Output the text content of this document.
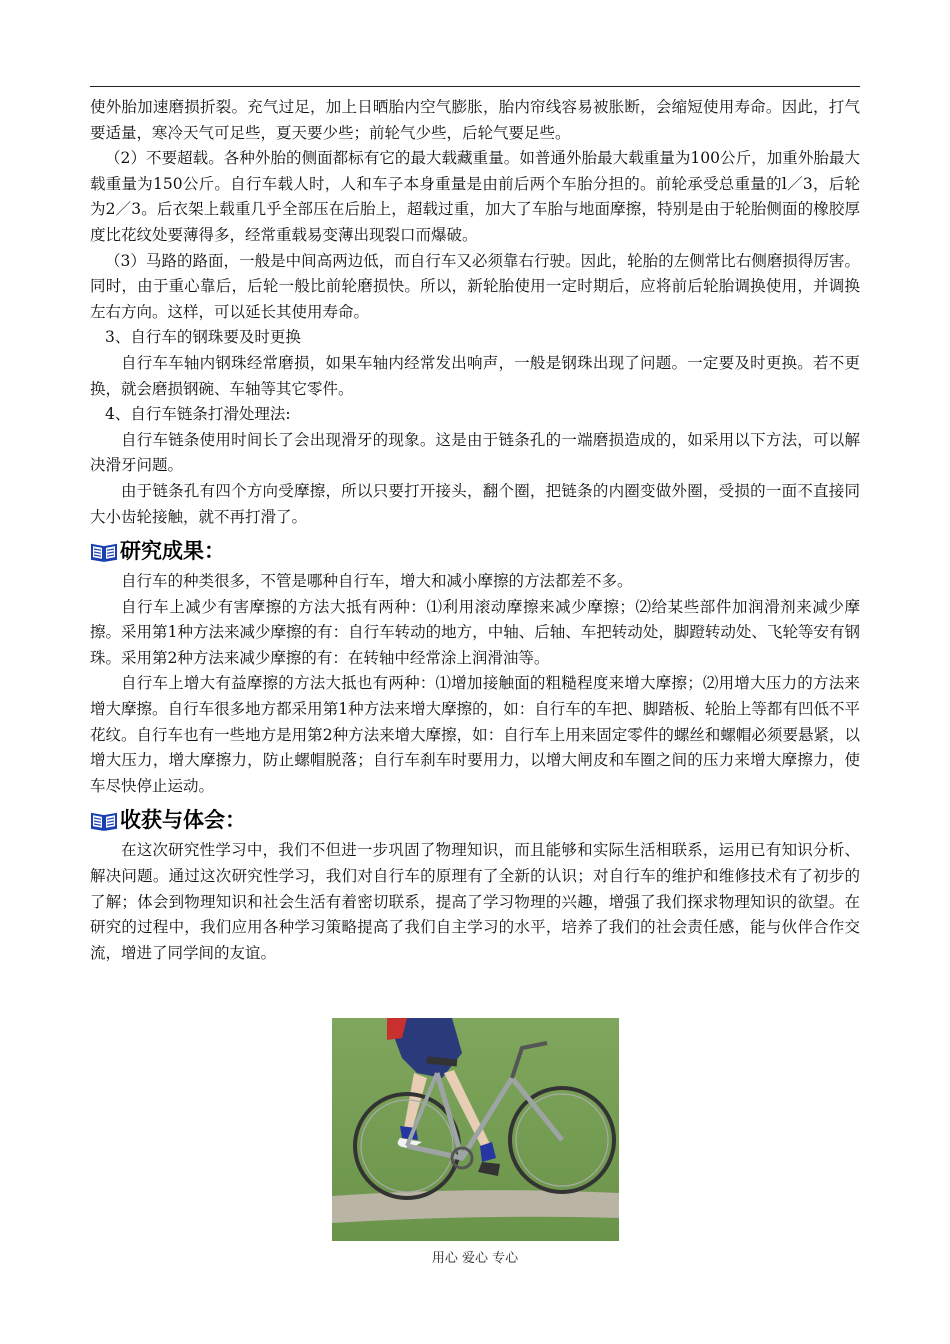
使外胎加速磨损折裂。充气过足，加上日晒胎内空气膨胀，胎内帘线容易被胀断，会缩短使用寿命。因此，打气要适量，寒冷天气可足些，夏天要少些；前轮气少些，后轮气要足些。

（2）不要超载。各种外胎的侧面都标有它的最大载藏重量。如普通外胎最大载重量为100公斤，加重外胎最大载重量为150公斤。自行车载人时，人和车子本身重量是由前后两个车胎分担的。前轮承受总重量的l／3，后轮为2／3。后衣架上载重几乎全部压在后胎上，超载过重，加大了车胎与地面摩擦，特别是由于轮胎侧面的橡胶厚度比花纹处要薄得多，经常重载易变薄出现裂口而爆破。

（3）马路的路面，一般是中间高两边低，而自行车又必须靠右行驶。因此，轮胎的左侧常比右侧磨损得厉害。同时，由于重心靠后，后轮一般比前轮磨损快。所以，新轮胎使用一定时期后，应将前后轮胎调换使用，并调换左右方向。这样，可以延长其使用寿命。

3、自行车的钢珠要及时更换

自行车车轴内钢珠经常磨损，如果车轴内经常发出响声，一般是钢珠出现了问题。一定要及时更换。若不更换，就会磨损钢碗、车轴等其它零件。

4、自行车链条打滑处理法:

自行车链条使用时间长了会出现滑牙的现象。这是由于链条孔的一端磨损造成的，如采用以下方法，可以解决滑牙问题。

由于链条孔有四个方向受摩擦，所以只要打开接头，翻个圈，把链条的内圈变做外圈，受损的一面不直接同大小齿轮接触，就不再打滑了。

研究成果：

自行车的种类很多，不管是哪种自行车，增大和减小摩擦的方法都差不多。

自行车上减少有害摩擦的方法大抵有两种：⑴利用滚动摩擦来减少摩擦；⑵给某些部件加润滑剂来减少摩擦。采用第1种方法来减少摩擦的有：自行车转动的地方，中轴、后轴、车把转动处，脚蹬转动处、飞轮等安有钢珠。采用第2种方法来减少摩擦的有：在转轴中经常涂上润滑油等。

自行车上增大有益摩擦的方法大抵也有两种：⑴增加接触面的粗糙程度来增大摩擦；⑵用增大压力的方法来增大摩擦。自行车很多地方都采用第1种方法来增大摩擦的，如：自行车的车把、脚踏板、轮胎上等都有凹低不平花纹。自行车也有一些地方是用第2种方法来增大摩擦，如：自行车上用来固定零件的螺丝和螺帽必须要悬紧，以增大压力，增大摩擦力，防止螺帽脱落；自行车刹车时要用力，以增大闸皮和车圈之间的压力来增大摩擦力，使车尽快停止运动。

收获与体会：

在这次研究性学习中，我们不但进一步巩固了物理知识，而且能够和实际生活相联系，运用已有知识分析、解决问题。通过这次研究性学习，我们对自行车的原理有了全新的认识；对自行车的维护和维修技术有了初步的了解；体会到物理知识和社会生活有着密切联系，提高了学习物理的兴趣，增强了我们探求物理知识的欲望。在研究的过程中，我们应用各种学习策略提高了我们自主学习的水平，培养了我们的社会责任感，能与伙伴合作交流，增进了同学间的友谊。

用心 爱心 专心
